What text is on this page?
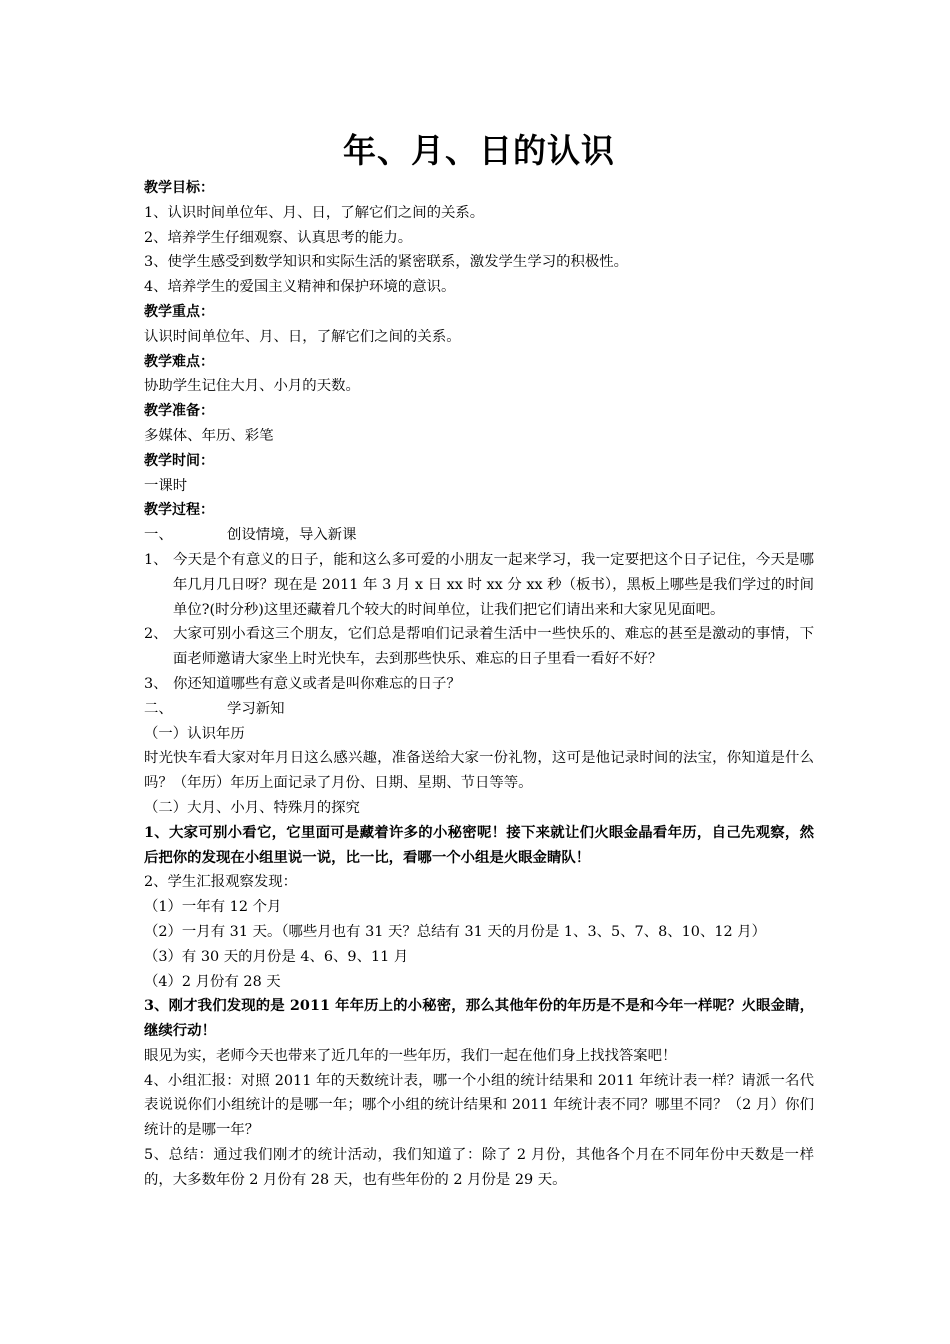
年、月、日的认识
教学目标：
1、认识时间单位年、月、日，了解它们之间的关系。
2、培养学生仔细观察、认真思考的能力。
3、使学生感受到数学知识和实际生活的紧密联系，激发学生学习的积极性。
4、培养学生的爱国主义精神和保护环境的意识。
教学重点：
认识时间单位年、月、日，了解它们之间的关系。
教学难点：
协助学生记住大月、小月的天数。
教学准备：
多媒体、年历、彩笔
教学时间：
一课时
教学过程：
一、	创设情境，导入新课
1、 今天是个有意义的日子，能和这么多可爱的小朋友一起来学习，我一定要把这个日子记住，今天是哪年几月几日呀？现在是 2011 年 3 月 x 日 xx 时 xx 分 xx 秒（板书），黑板上哪些是我们学过的时间单位?(时分秒)这里还藏着几个较大的时间单位，让我们把它们请出来和大家见见面吧。
2、 大家可别小看这三个朋友，它们总是帮咱们记录着生活中一些快乐的、难忘的甚至是激动的事情，下面老师邀请大家坐上时光快车，去到那些快乐、难忘的日子里看一看好不好？
3、 你还知道哪些有意义或者是叫你难忘的日子？
二、	学习新知
（一）认识年历
时光快车看大家对年月日这么感兴趣，准备送给大家一份礼物，这可是他记录时间的法宝，你知道是什么吗？（年历）年历上面记录了月份、日期、星期、节日等等。
（二）大月、小月、特殊月的探究
1、大家可别小看它，它里面可是藏着许多的小秘密呢！接下来就让们火眼金晶看年历，自己先观察，然后把你的发现在小组里说一说，比一比，看哪一个小组是火眼金睛队！
2、学生汇报观察发现：
（1）一年有 12 个月
（2）一月有 31 天。（哪些月也有 31 天？总结有 31 天的月份是 1、3、5、7、8、10、12 月）
（3）有 30 天的月份是 4、6、9、11 月
（4）2 月份有 28 天
3、刚才我们发现的是 2011 年年历上的小秘密，那么其他年份的年历是不是和今年一样呢？火眼金睛，继续行动！
眼见为实，老师今天也带来了近几年的一些年历，我们一起在他们身上找找答案吧！
4、小组汇报：对照 2011 年的天数统计表，哪一个小组的统计结果和 2011 年统计表一样？请派一名代表说说你们小组统计的是哪一年；哪个小组的统计结果和 2011 年统计表不同？哪里不同？（2 月）你们统计的是哪一年？
5、总结：通过我们刚才的统计活动，我们知道了：除了 2 月份，其他各个月在不同年份中天数是一样的，大多数年份 2 月份有 28 天，也有些年份的 2 月份是 29 天。
